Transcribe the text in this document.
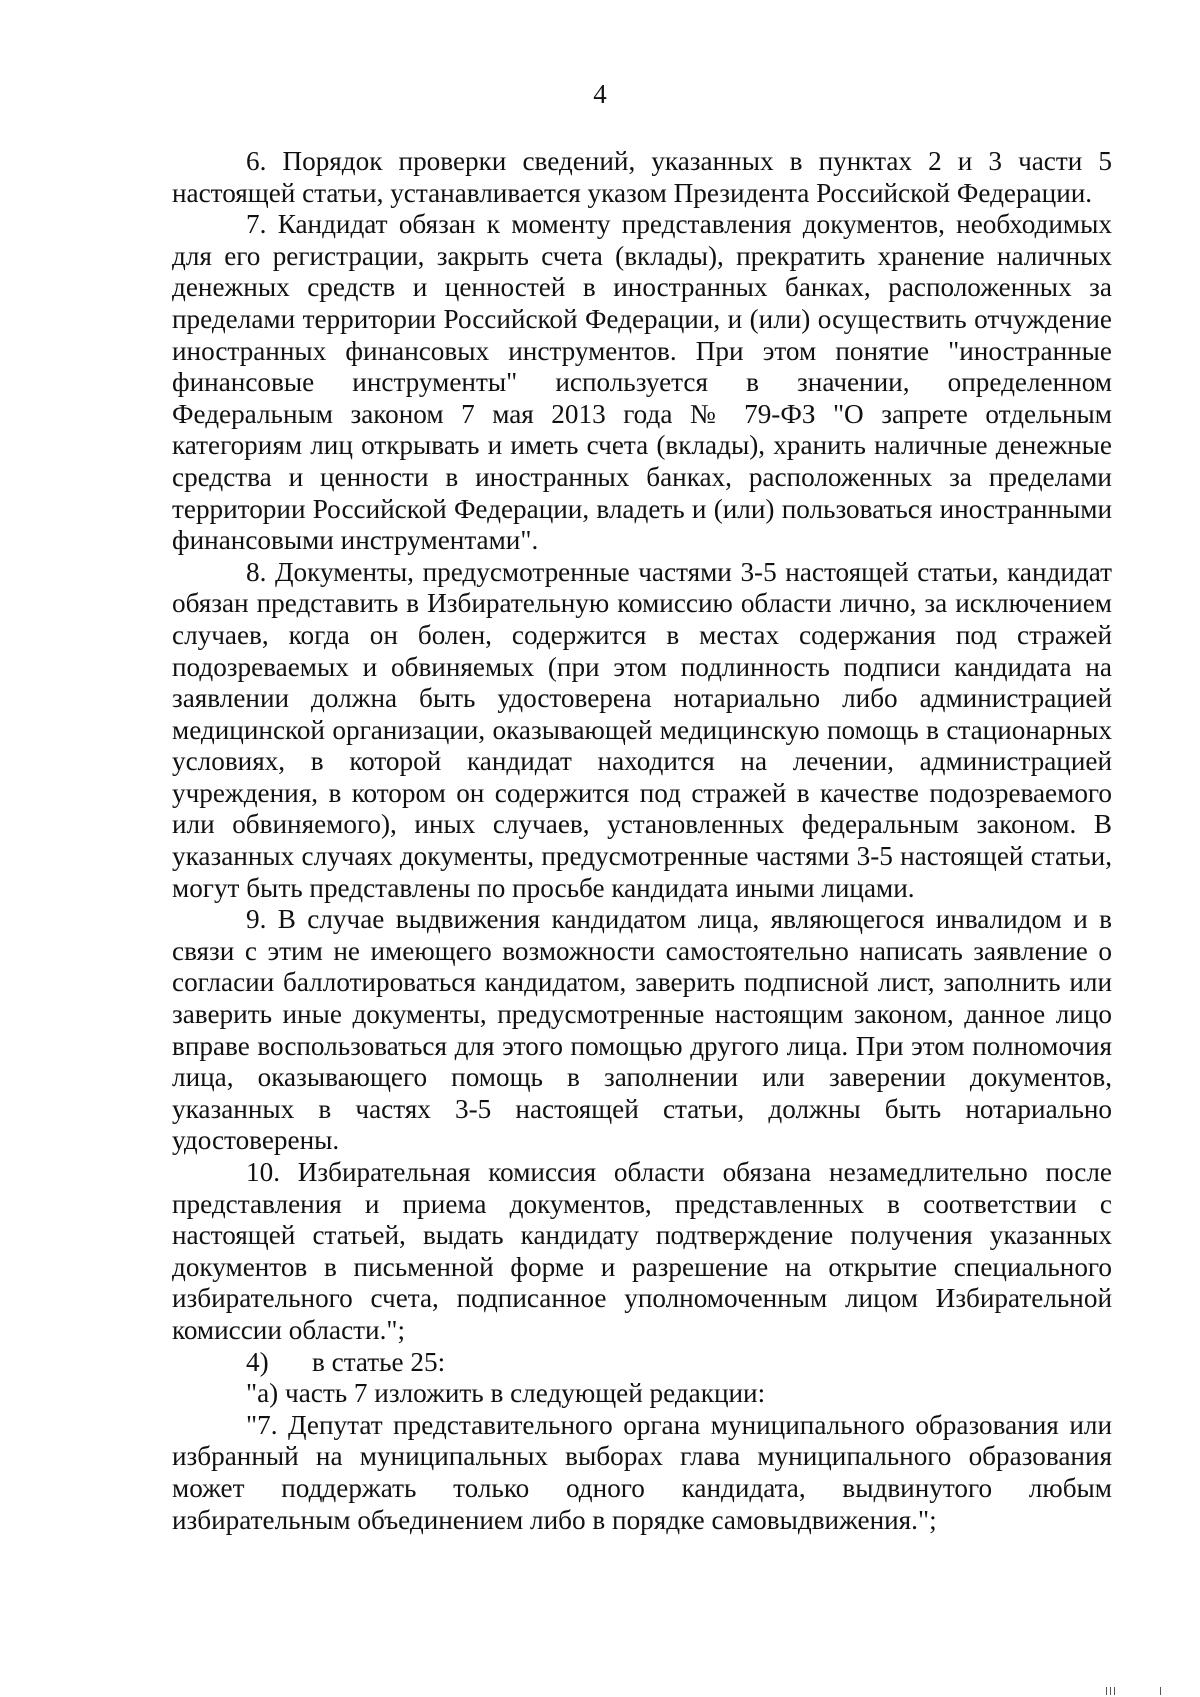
4

6. Порядок проверки сведений, указанных в пунктах 2 и 3 части 5 настоящей статьи, устанавливается указом Президента Российской Федерации.

7. Кандидат обязан к моменту представления документов, необходимых для его регистрации, закрыть счета (вклады), прекратить хранение наличных денежных средств и ценностей в иностранных банках, расположенных за пределами территории Российской Федерации, и (или) осуществить отчуждение иностранных финансовых инструментов. При этом понятие "иностранные финансовые инструменты" используется в значении, определенном Федеральным законом 7 мая 2013 года № 79-ФЗ "О запрете отдельным категориям лиц открывать и иметь счета (вклады), хранить наличные денежные средства и ценности в иностранных банках, расположенных за пределами территории Российской Федерации, владеть и (или) пользоваться иностранными финансовыми инструментами".

8. Документы, предусмотренные частями 3-5 настоящей статьи, кандидат обязан представить в Избирательную комиссию области лично, за исключением случаев, когда он болен, содержится в местах содержания под стражей подозреваемых и обвиняемых (при этом подлинность подписи кандидата на заявлении должна быть удостоверена нотариально либо администрацией медицинской организации, оказывающей медицинскую помощь в стационарных условиях, в которой кандидат находится на лечении, администрацией учреждения, в котором он содержится под стражей в качестве подозреваемого или обвиняемого), иных случаев, установленных федеральным законом. В указанных случаях документы, предусмотренные частями 3-5 настоящей статьи, могут быть представлены по просьбе кандидата иными лицами.

9. В случае выдвижения кандидатом лица, являющегося инвалидом и в связи с этим не имеющего возможности самостоятельно написать заявление о согласии баллотироваться кандидатом, заверить подписной лист, заполнить или заверить иные документы, предусмотренные настоящим законом, данное лицо вправе воспользоваться для этого помощью другого лица. При этом полномочия лица, оказывающего помощь в заполнении или заверении документов, указанных в частях 3-5 настоящей статьи, должны быть нотариально удостоверены.

10. Избирательная комиссия области обязана незамедлительно после представления и приема документов, представленных в соответствии с настоящей статьей, выдать кандидату подтверждение получения указанных документов в письменной форме и разрешение на открытие специального избирательного счета, подписанное уполномоченным лицом Избирательной комиссии области.";

4) в статье 25:

"а) часть 7 изложить в следующей редакции:

"7. Депутат представительного органа муниципального образования или избранный на муниципальных выборах глава муниципального образования может поддержать только одного кандидата, выдвинутого любым избирательным объединением либо в порядке самовыдвижения.";
